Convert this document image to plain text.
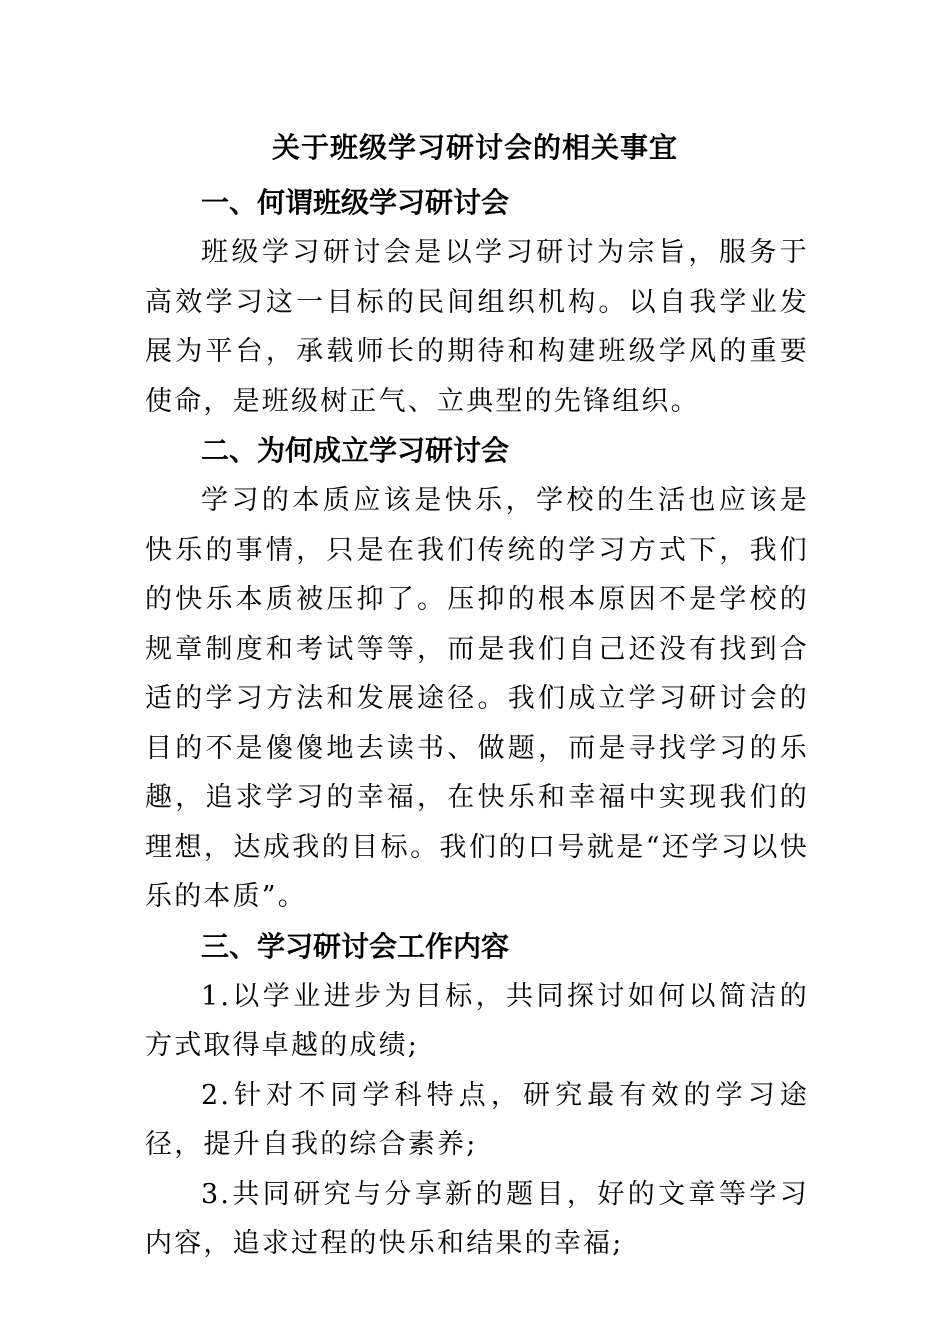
关于班级学习研讨会的相关事宜

一、何谓班级学习研讨会

班级学习研讨会是以学习研讨为宗旨，服务于高效学习这一目标的民间组织机构。以自我学业发展为平台，承载师长的期待和构建班级学风的重要使命，是班级树正气、立典型的先锋组织。

二、为何成立学习研讨会

学习的本质应该是快乐，学校的生活也应该是快乐的事情，只是在我们传统的学习方式下，我们的快乐本质被压抑了。压抑的根本原因不是学校的规章制度和考试等等，而是我们自己还没有找到合适的学习方法和发展途径。我们成立学习研讨会的目的不是傻傻地去读书、做题，而是寻找学习的乐趣，追求学习的幸福，在快乐和幸福中实现我们的理想，达成我的目标。我们的口号就是“还学习以快乐的本质”。

三、学习研讨会工作内容

1.以学业进步为目标，共同探讨如何以简洁的方式取得卓越的成绩;

2.针对不同学科特点，研究最有效的学习途径，提升自我的综合素养;

3.共同研究与分享新的题目，好的文章等学习内容，追求过程的快乐和结果的幸福;
